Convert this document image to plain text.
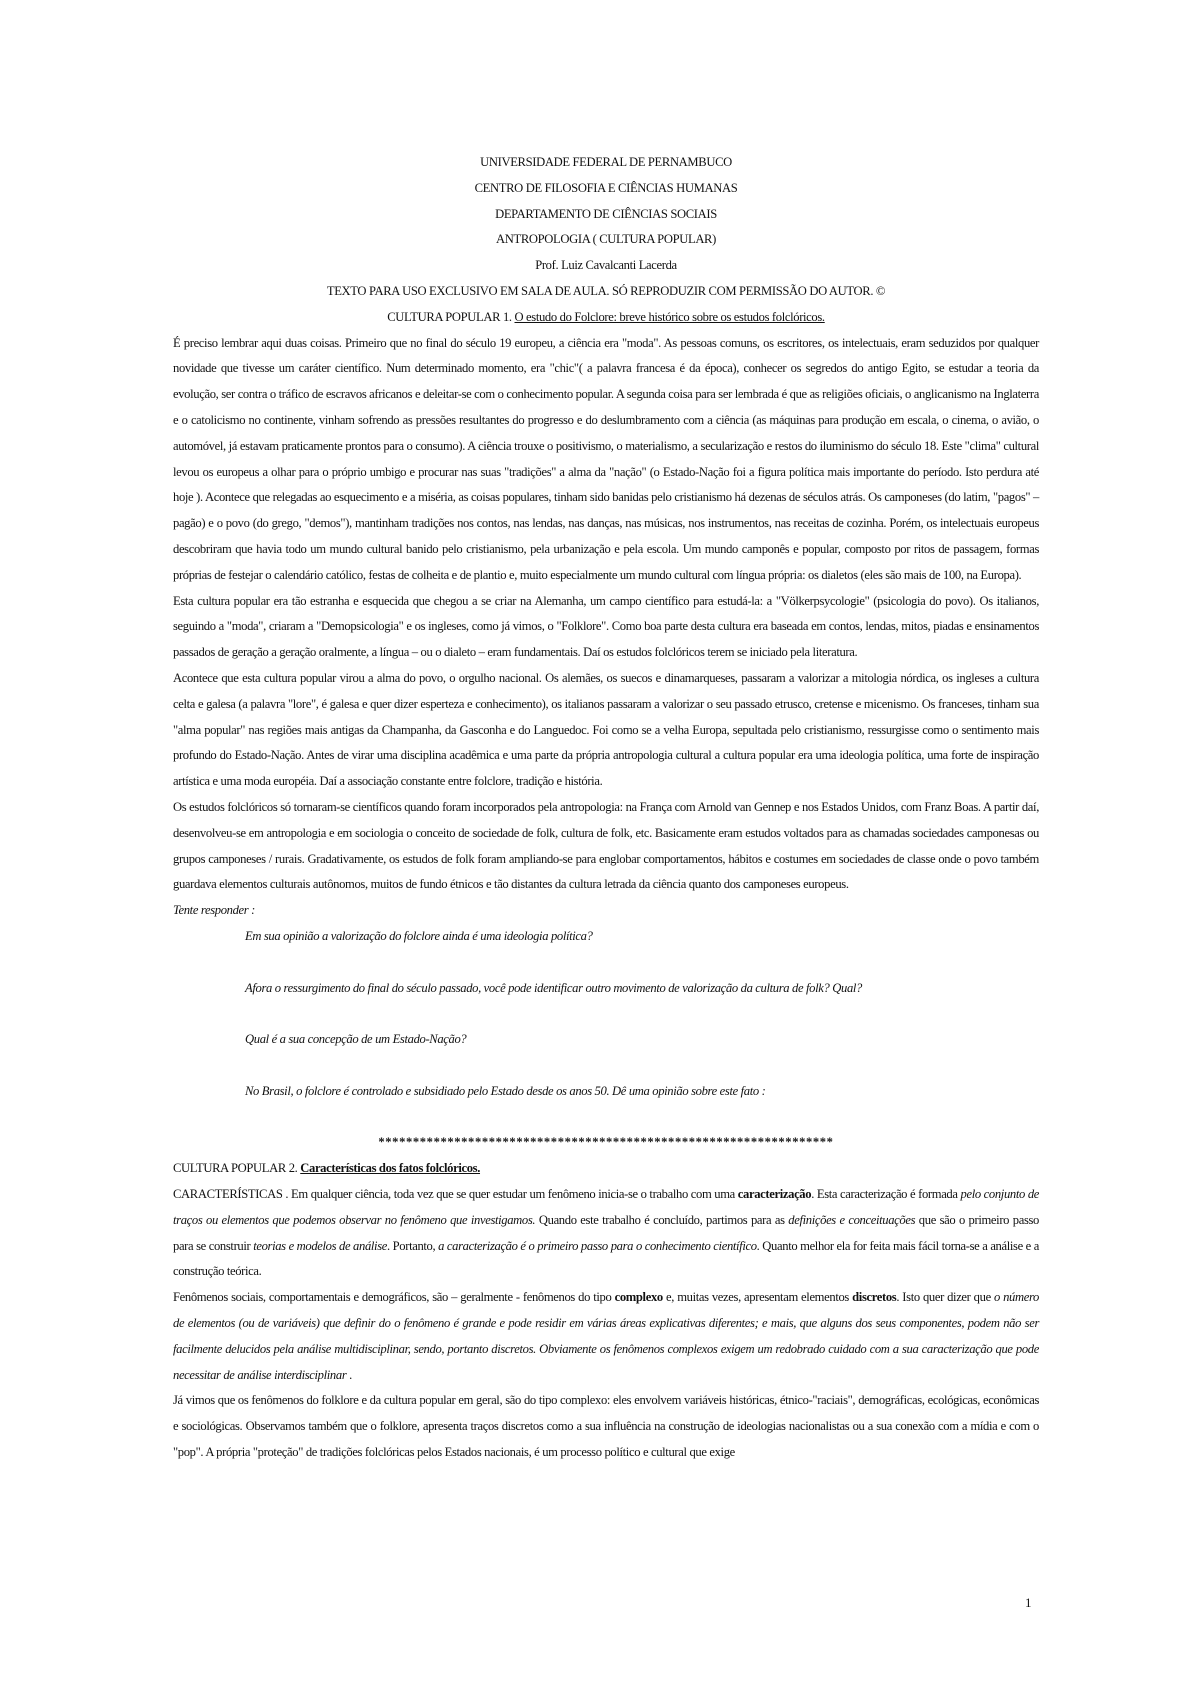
UNIVERSIDADE FEDERAL DE PERNAMBUCO
CENTRO DE FILOSOFIA E CIÊNCIAS HUMANAS
DEPARTAMENTO DE CIÊNCIAS SOCIAIS
ANTROPOLOGIA ( CULTURA POPULAR)
Prof. Luiz Cavalcanti Lacerda
TEXTO PARA USO EXCLUSIVO EM SALA DE AULA. SÓ REPRODUZIR COM PERMISSÃO DO AUTOR. ©
CULTURA POPULAR 1. O estudo do Folclore: breve histórico sobre os estudos folclóricos.

É preciso lembrar aqui duas coisas. Primeiro que no final do século 19 europeu, a ciência era "moda". As pessoas comuns, os escritores, os intelectuais, eram seduzidos por qualquer novidade que tivesse um caráter científico. Num determinado momento, era "chic"( a palavra francesa é da época), conhecer os segredos do antigo Egito, se estudar a teoria da evolução, ser contra o tráfico de escravos africanos e deleitar-se com o conhecimento popular. A segunda coisa para ser lembrada é que as religiões oficiais, o anglicanismo na Inglaterra e o catolicismo no continente, vinham sofrendo as pressões resultantes do progresso e do deslumbramento com a ciência (as máquinas para produção em escala, o cinema, o avião, o automóvel, já estavam praticamente prontos para o consumo). A ciência trouxe o positivismo, o materialismo, a secularização e restos do iluminismo do século 18. Este "clima" cultural levou os europeus a olhar para o próprio umbigo e procurar nas suas "tradições" a alma da "nação" (o Estado-Nação foi a figura política mais importante do período. Isto perdura até hoje ). Acontece que relegadas ao esquecimento e a miséria, as coisas populares, tinham sido banidas pelo cristianismo há dezenas de séculos atrás. Os camponeses (do latim, "pagos" – pagão) e o povo (do grego, "demos"), mantinham tradições nos contos, nas lendas, nas danças, nas músicas, nos instrumentos, nas receitas de cozinha. Porém, os intelectuais europeus descobriram que havia todo um mundo cultural banido pelo cristianismo, pela urbanização e pela escola. Um mundo camponês e popular, composto por ritos de passagem, formas próprias de festejar o calendário católico, festas de colheita e de plantio e, muito especialmente um mundo cultural com língua própria: os dialetos (eles são mais de 100, na Europa).

Esta cultura popular era tão estranha e esquecida que chegou a se criar na Alemanha, um campo científico para estudá-la: a "Völkerpsycologie" (psicologia do povo). Os italianos, seguindo a "moda", criaram a "Demopsicologia" e os ingleses, como já vimos, o "Folklore". Como boa parte desta cultura era baseada em contos, lendas, mitos, piadas e ensinamentos passados de geração a geração oralmente, a língua – ou o dialeto – eram fundamentais. Daí os estudos folclóricos terem se iniciado pela literatura.

Acontece que esta cultura popular virou a alma do povo, o orgulho nacional. Os alemães, os suecos e dinamarqueses, passaram a valorizar a mitologia nórdica, os ingleses a cultura celta e galesa (a palavra "lore", é galesa e quer dizer esperteza e conhecimento), os italianos passaram a valorizar o seu passado etrusco, cretense e micenismo. Os franceses, tinham sua "alma popular" nas regiões mais antigas da Champanha, da Gasconha e do Languedoc. Foi como se a velha Europa, sepultada pelo cristianismo, ressurgisse como o sentimento mais profundo do Estado-Nação. Antes de virar uma disciplina acadêmica e uma parte da própria antropologia cultural a cultura popular era uma ideologia política, uma forte de inspiração artística e uma moda européia. Daí a associação constante entre folclore, tradição e história.

Os estudos folclóricos só tornaram-se científicos quando foram incorporados pela antropologia: na França com Arnold van Gennep e nos Estados Unidos, com Franz Boas. A partir daí, desenvolveu-se em antropologia e em sociologia o conceito de sociedade de folk, cultura de folk, etc. Basicamente eram estudos voltados para as chamadas sociedades camponesas ou grupos camponeses / rurais. Gradativamente, os estudos de folk foram ampliando-se para englobar comportamentos, hábitos e costumes em sociedades de classe onde o povo também guardava elementos culturais autônomos, muitos de fundo étnicos e tão distantes da cultura letrada da ciência quanto dos camponeses europeus.

Tente responder :

Em sua opinião a valorização do folclore ainda é uma ideologia política?

Afora o ressurgimento do final do século passado, você pode identificar outro movimento de valorização da cultura de folk? Qual?

Qual é a sua concepção de um Estado-Nação?

No Brasil, o folclore é controlado e subsidiado pelo Estado desde os anos 50. Dê uma opinião sobre este fato :

******************************************************************
CULTURA POPULAR 2. Características dos fatos folclóricos.

CARACTERÍSTICAS . Em qualquer ciência, toda vez que se quer estudar um fenômeno inicia-se o trabalho com uma caracterização. Esta caracterização é formada pelo conjunto de traços ou elementos que podemos observar no fenômeno que investigamos. Quando este trabalho é concluído, partimos para as definições e conceituações que são o primeiro passo para se construir teorias e modelos de análise. Portanto, a caracterização é o primeiro passo para o conhecimento científico. Quanto melhor ela for feita mais fácil torna-se a análise e a construção teórica.

Fenômenos sociais, comportamentais e demográficos, são – geralmente - fenômenos do tipo complexo e, muitas vezes, apresentam elementos discretos. Isto quer dizer que o número de elementos (ou de variáveis) que definir do o fenômeno é grande e pode residir em várias áreas explicativas diferentes; e mais, que alguns dos seus componentes, podem não ser facilmente delucidos pela análise multidisciplinar, sendo, portanto discretos. Obviamente os fenômenos complexos exigem um redobrado cuidado com a sua caracterização que pode necessitar de análise interdisciplinar .

Já vimos que os fenômenos do folklore e da cultura popular em geral, são do tipo complexo: eles envolvem variáveis históricas, étnico-"raciais", demográficas, ecológicas, econômicas e sociológicas. Observamos também que o folklore, apresenta traços discretos como a sua influência na construção de ideologias nacionalistas ou a sua conexão com a mídia e com o "pop". A própria "proteção" de tradições folclóricas pelos Estados nacionais, é um processo político e cultural que exige

1
